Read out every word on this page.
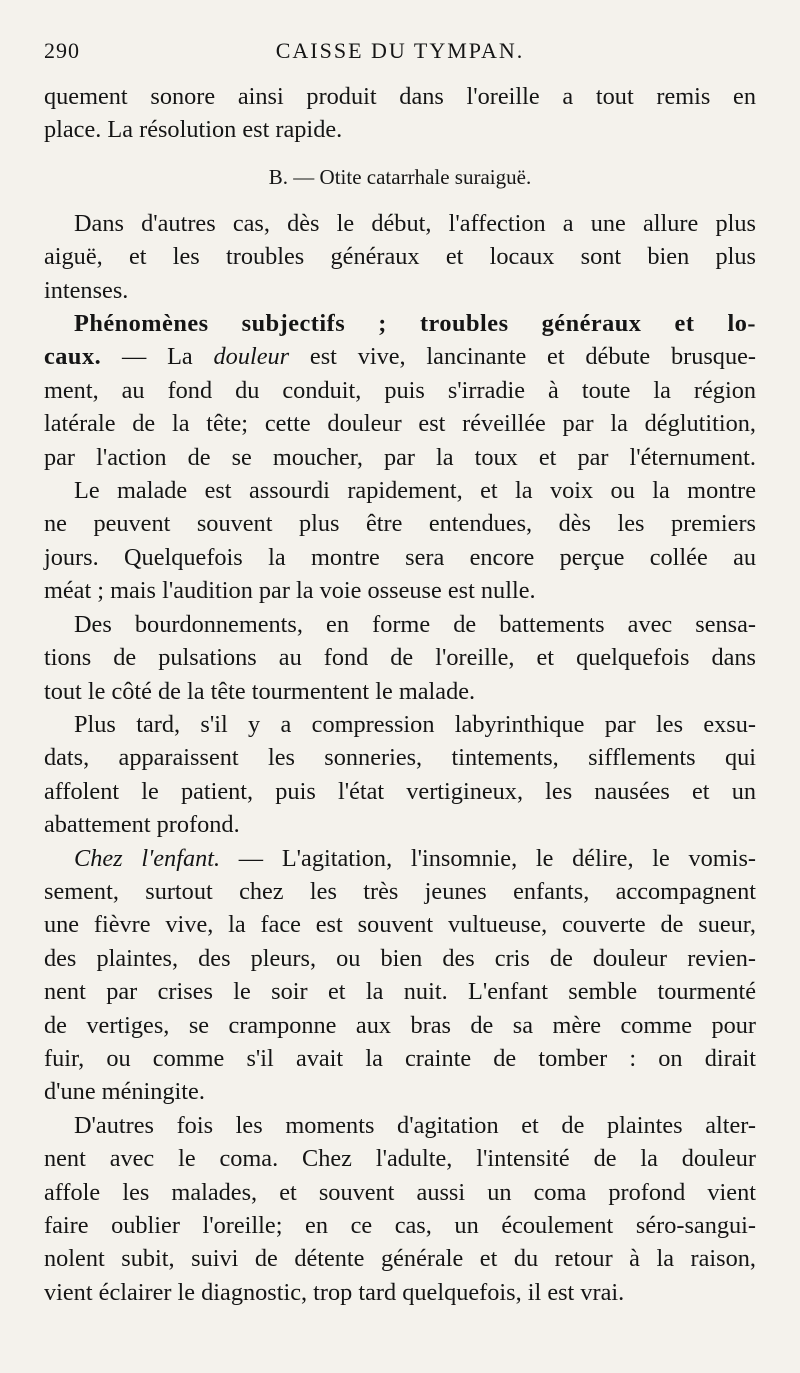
290	CAISSE DU TYMPAN.

quement sonore ainsi produit dans l'oreille a tout remis en
place. La résolution est rapide.

B. — Otite catarrhale suraiguë.

Dans d'autres cas, dès le début, l'affection a une allure plus
aiguë, et les troubles généraux et locaux sont bien plus
intenses.

Phénomènes subjectifs ; troubles généraux et lo-
caux. — La douleur est vive, lancinante et débute brusque-
ment, au fond du conduit, puis s'irradie à toute la région
latérale de la tête; cette douleur est réveillée par la déglutition,
par l'action de se moucher, par la toux et par l'éternument.
Le malade est assourdi rapidement, et la voix ou la montre
ne peuvent souvent plus être entendues, dès les premiers
jours. Quelquefois la montre sera encore perçue collée au
méat ; mais l'audition par la voie osseuse est nulle.

Des bourdonnements, en forme de battements avec sensa-
tions de pulsations au fond de l'oreille, et quelquefois dans
tout le côté de la tête tourmentent le malade.

Plus tard, s'il y a compression labyrinthique par les exsu-
dats, apparaissent les sonneries, tintements, sifflements qui
affolent le patient, puis l'état vertigineux, les nausées et un
abattement profond.

Chez l'enfant. — L'agitation, l'insomnie, le délire, le vomis-
sement, surtout chez les très jeunes enfants, accompagnent
une fièvre vive, la face est souvent vultueuse, couverte de sueur,
des plaintes, des pleurs, ou bien des cris de douleur revien-
nent par crises le soir et la nuit. L'enfant semble tourmenté
de vertiges, se cramponne aux bras de sa mère comme pour
fuir, ou comme s'il avait la crainte de tomber : on dirait
d'une méningite.

D'autres fois les moments d'agitation et de plaintes alter-
nent avec le coma. Chez l'adulte, l'intensité de la douleur
affole les malades, et souvent aussi un coma profond vient
faire oublier l'oreille; en ce cas, un écoulement séro-sangui-
nolent subit, suivi de détente générale et du retour à la raison,
vient éclairer le diagnostic, trop tard quelquefois, il est vrai.
